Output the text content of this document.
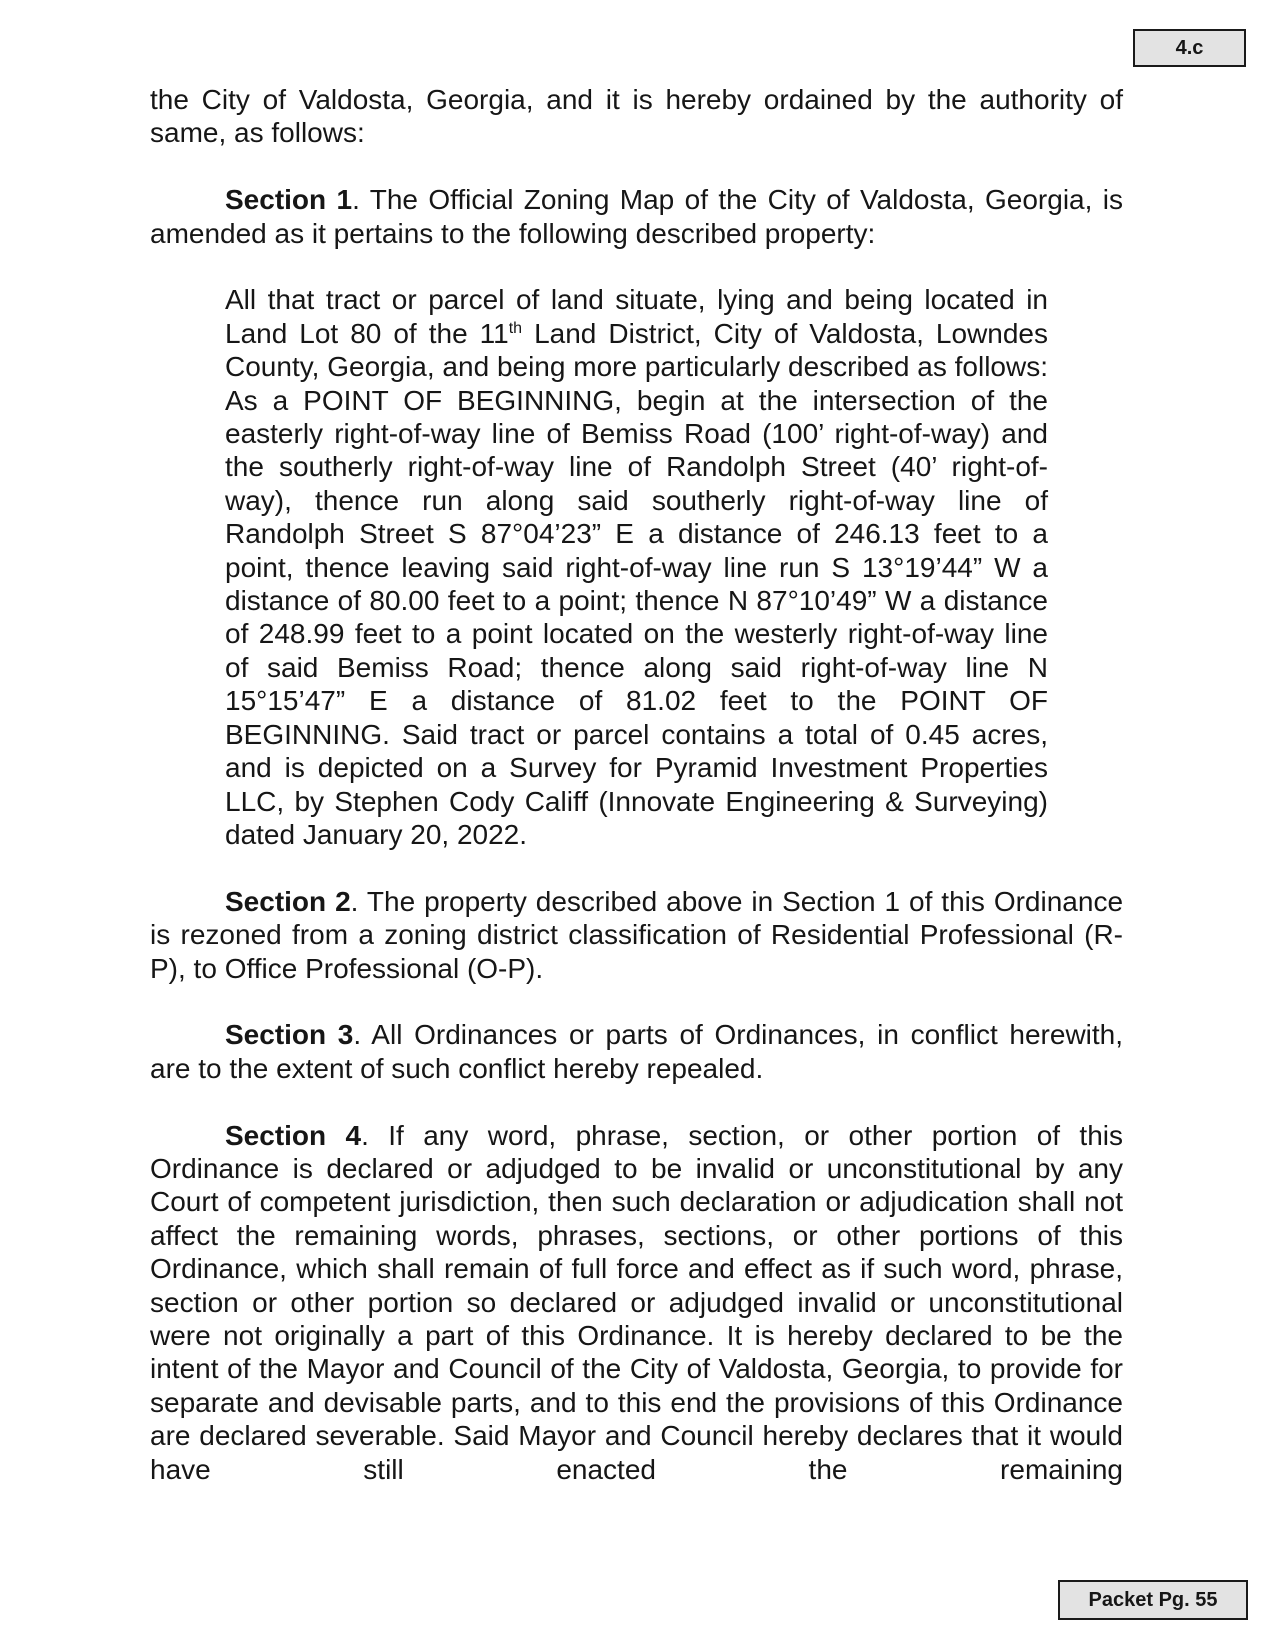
4.c

the City of Valdosta, Georgia, and it is hereby ordained by the authority of same, as follows:

Section 1. The Official Zoning Map of the City of Valdosta, Georgia, is amended as it pertains to the following described property:

All that tract or parcel of land situate, lying and being located in Land Lot 80 of the 11th Land District, City of Valdosta, Lowndes County, Georgia, and being more particularly described as follows: As a POINT OF BEGINNING, begin at the intersection of the easterly right-of-way line of Bemiss Road (100’ right-of-way) and the southerly right-of-way line of Randolph Street (40’ right-of-way), thence run along said southerly right-of-way line of Randolph Street S 87°04’23” E a distance of 246.13 feet to a point, thence leaving said right-of-way line run S 13°19’44” W a distance of 80.00 feet to a point; thence N 87°10’49” W a distance of 248.99 feet to a point located on the westerly right-of-way line of said Bemiss Road; thence along said right-of-way line N 15°15’47” E a distance of 81.02 feet to the POINT OF BEGINNING. Said tract or parcel contains a total of 0.45 acres, and is depicted on a Survey for Pyramid Investment Properties LLC, by Stephen Cody Califf (Innovate Engineering & Surveying) dated January 20, 2022.

Section 2. The property described above in Section 1 of this Ordinance is rezoned from a zoning district classification of Residential Professional (R-P), to Office Professional (O-P).

Section 3. All Ordinances or parts of Ordinances, in conflict herewith, are to the extent of such conflict hereby repealed.

Section 4. If any word, phrase, section, or other portion of this Ordinance is declared or adjudged to be invalid or unconstitutional by any Court of competent jurisdiction, then such declaration or adjudication shall not affect the remaining words, phrases, sections, or other portions of this Ordinance, which shall remain of full force and effect as if such word, phrase, section or other portion so declared or adjudged invalid or unconstitutional were not originally a part of this Ordinance. It is hereby declared to be the intent of the Mayor and Council of the City of Valdosta, Georgia, to provide for separate and devisable parts, and to this end the provisions of this Ordinance are declared severable. Said Mayor and Council hereby declares that it would have still enacted the remaining

Packet Pg. 55
